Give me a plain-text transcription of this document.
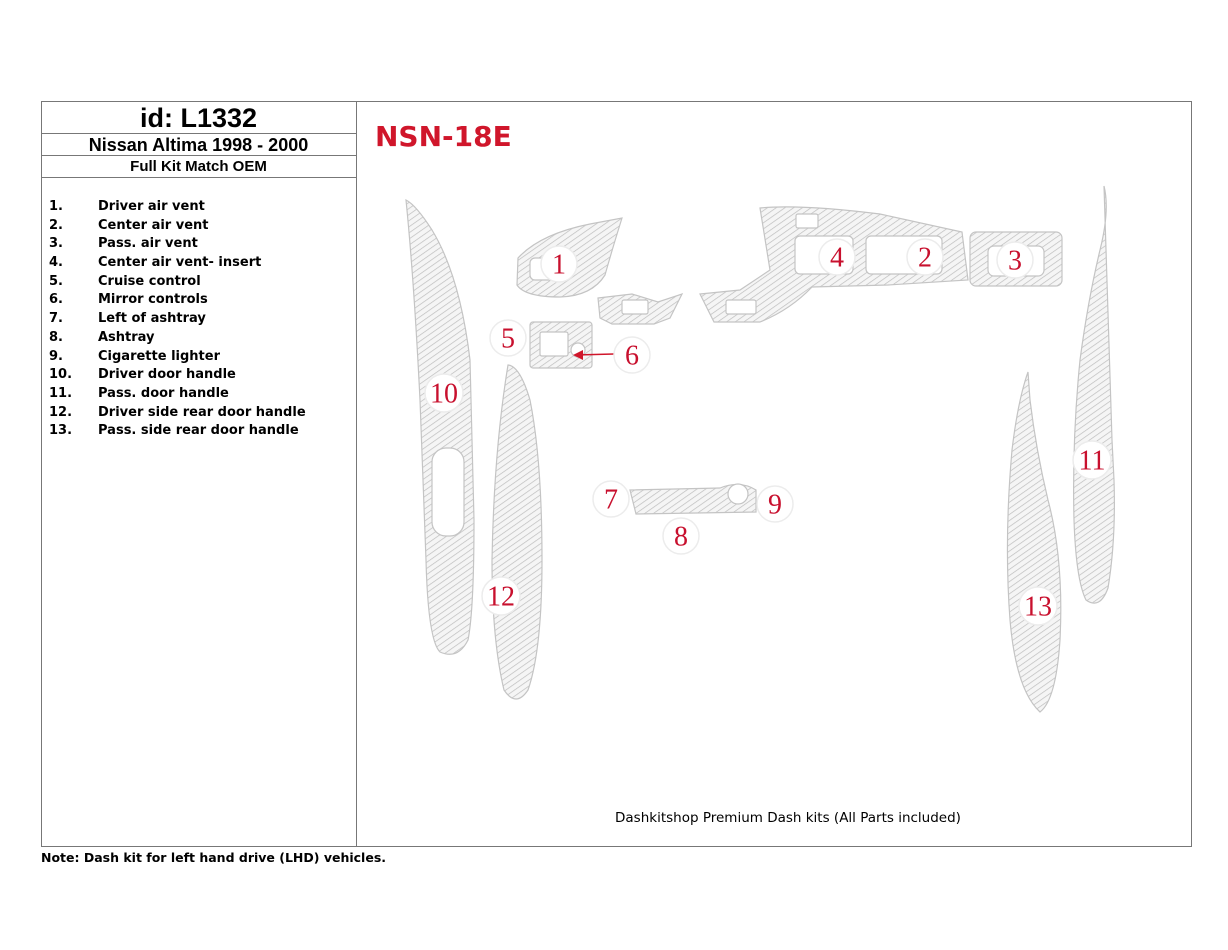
id: L1332
Nissan Altima 1998 - 2000
Full Kit Match OEM
1.	Driver air vent
2.	Center air vent
3.	Pass. air vent
4.	Center air vent- insert
5.	Cruise control
6.	Mirror controls
7.	Left of ashtray
8.	Ashtray
9.	Cigarette lighter
10. Driver door handle
11. Pass. door handle
12. Driver side rear door handle
13. Pass. side rear door handle
NSN-18E
1	4	2	3
5
6
10
11
7	9
8
12	13
Dashkitshop Premium Dash kits (All Parts included)
Note: Dash kit for left hand drive (LHD) vehicles.
